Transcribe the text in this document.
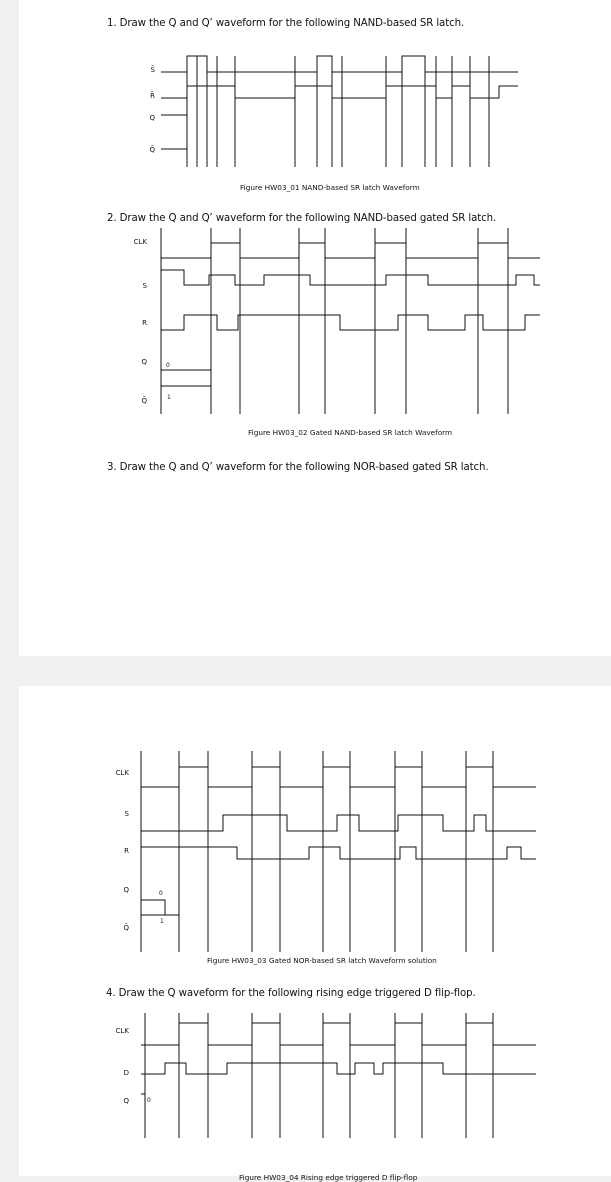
1. Draw the Q and Q’ waveform for the following NAND-based SR latch.
S̄
R̄
Q
Q̄
Figure HW03_01 NAND-based SR latch Waveform
2. Draw the Q and Q’ waveform for the following NAND-based gated SR latch.
CLK
S
R
Q
Q̄
0
1
Figure HW03_02 Gated NAND-based SR latch Waveform
3. Draw the Q and Q’ waveform for the following NOR-based gated SR latch.
CLK
S
R
Q
Q̄
0
1
Figure HW03_03 Gated NOR-based SR latch Waveform solution
4. Draw the Q waveform for the following rising edge triggered D flip-flop.
CLK
D
Q	0
Figure HW03_04 Rising edge triggered D flip-flop
